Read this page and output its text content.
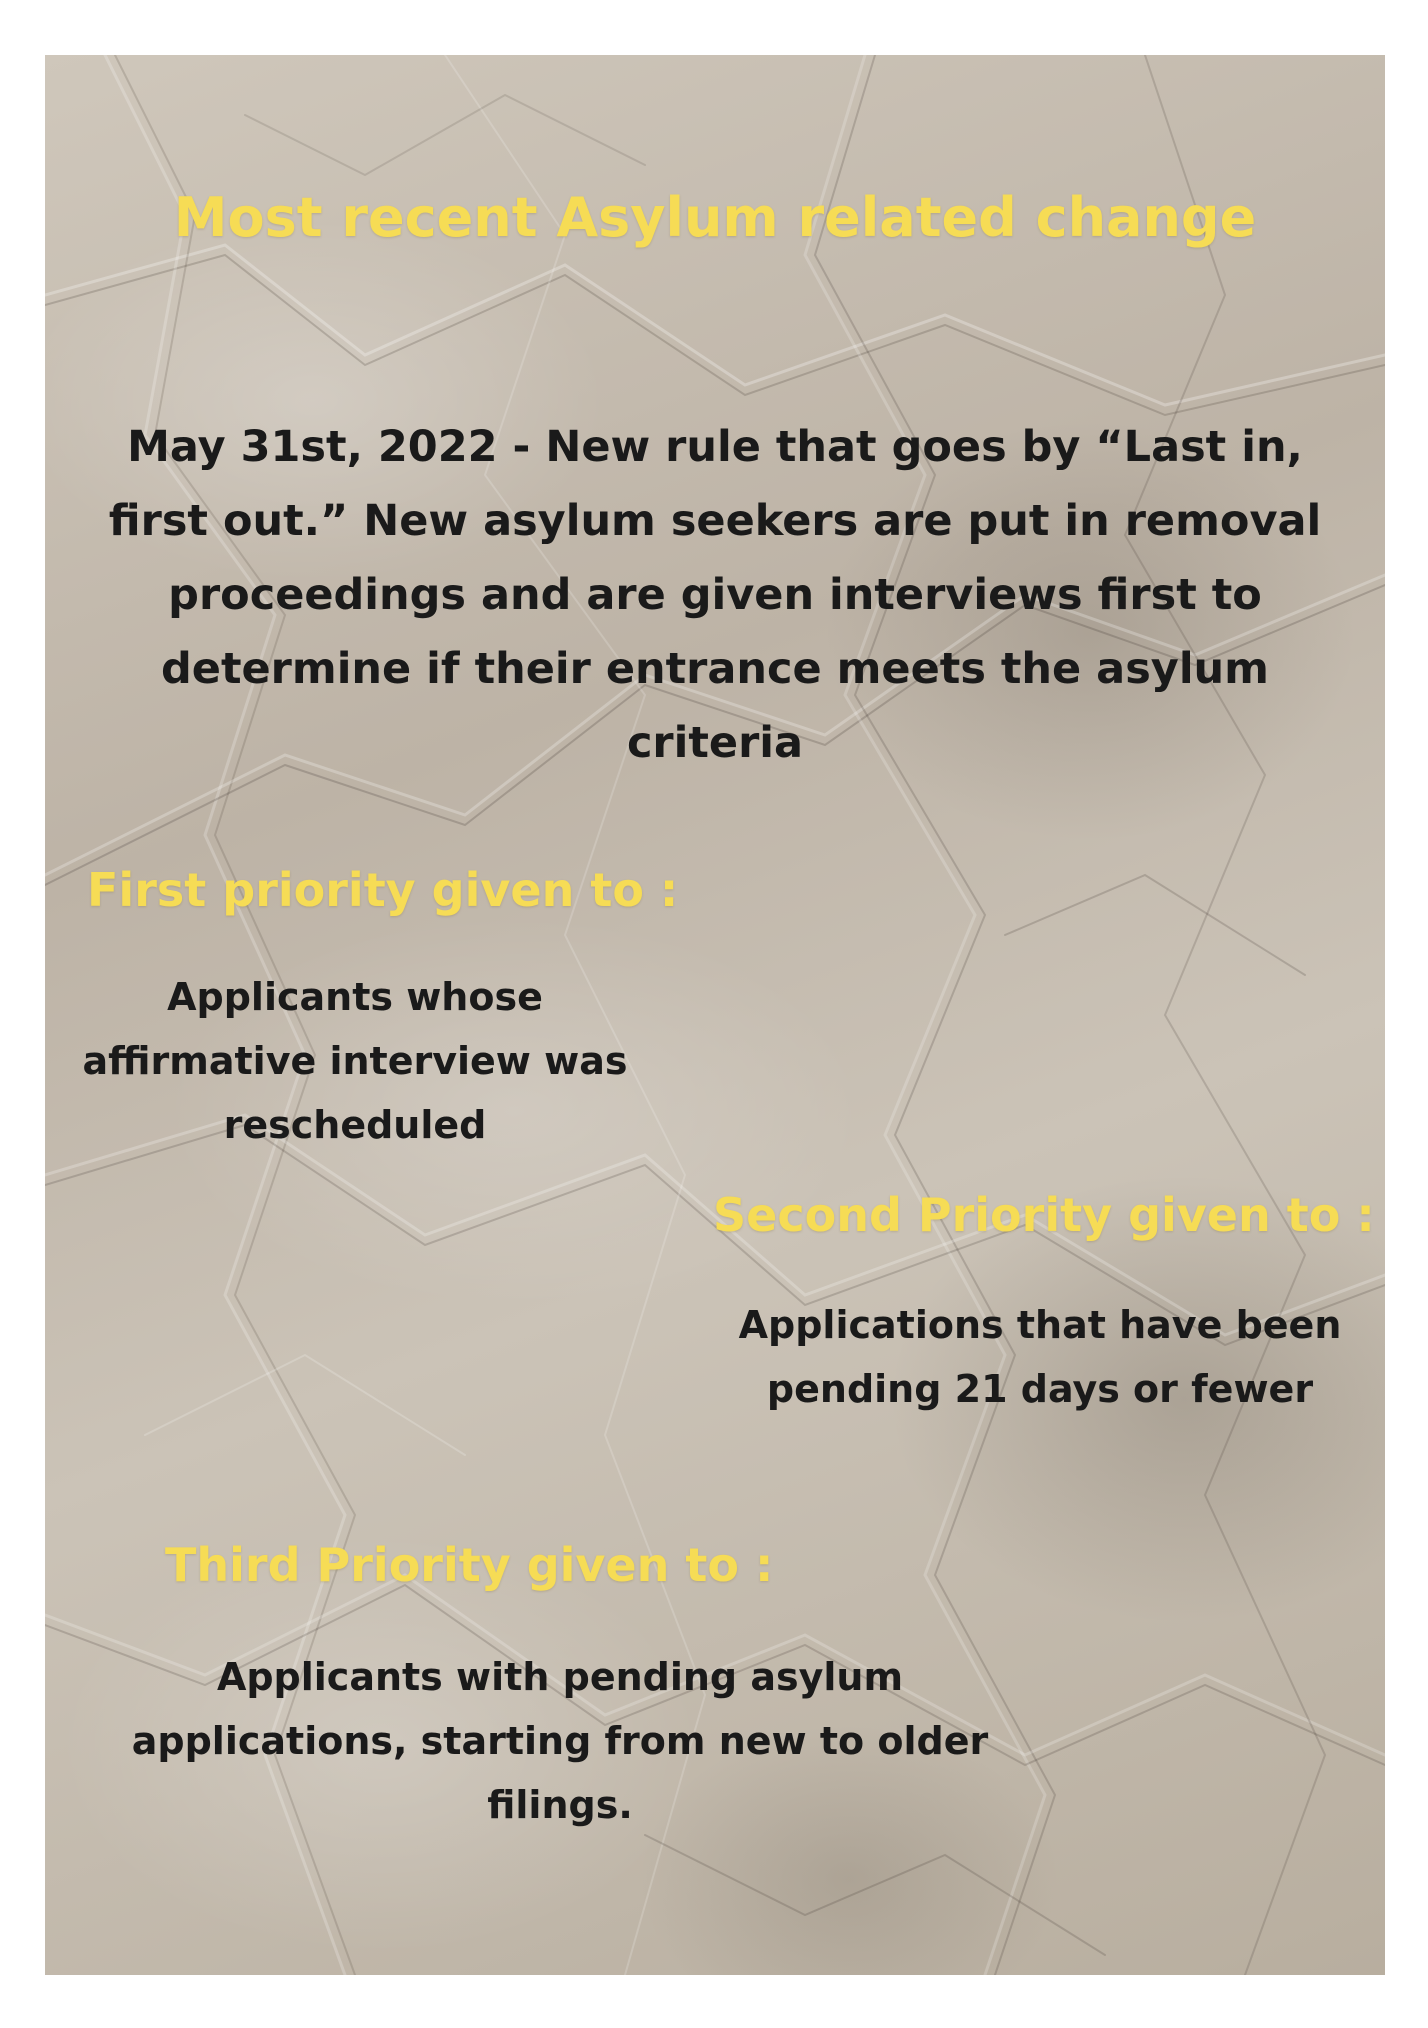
Most recent Asylum related change

May 31st, 2022 - New rule that goes by “Last in, first out.” New asylum seekers are put in removal proceedings and are given interviews first to determine if their entrance meets the asylum criteria

First priority given to :

Applicants whose affirmative interview was rescheduled

Second Priority given to :

Applications that have been pending 21 days or fewer

Third Priority given to :

Applicants with pending asylum applications, starting from new to older filings.
